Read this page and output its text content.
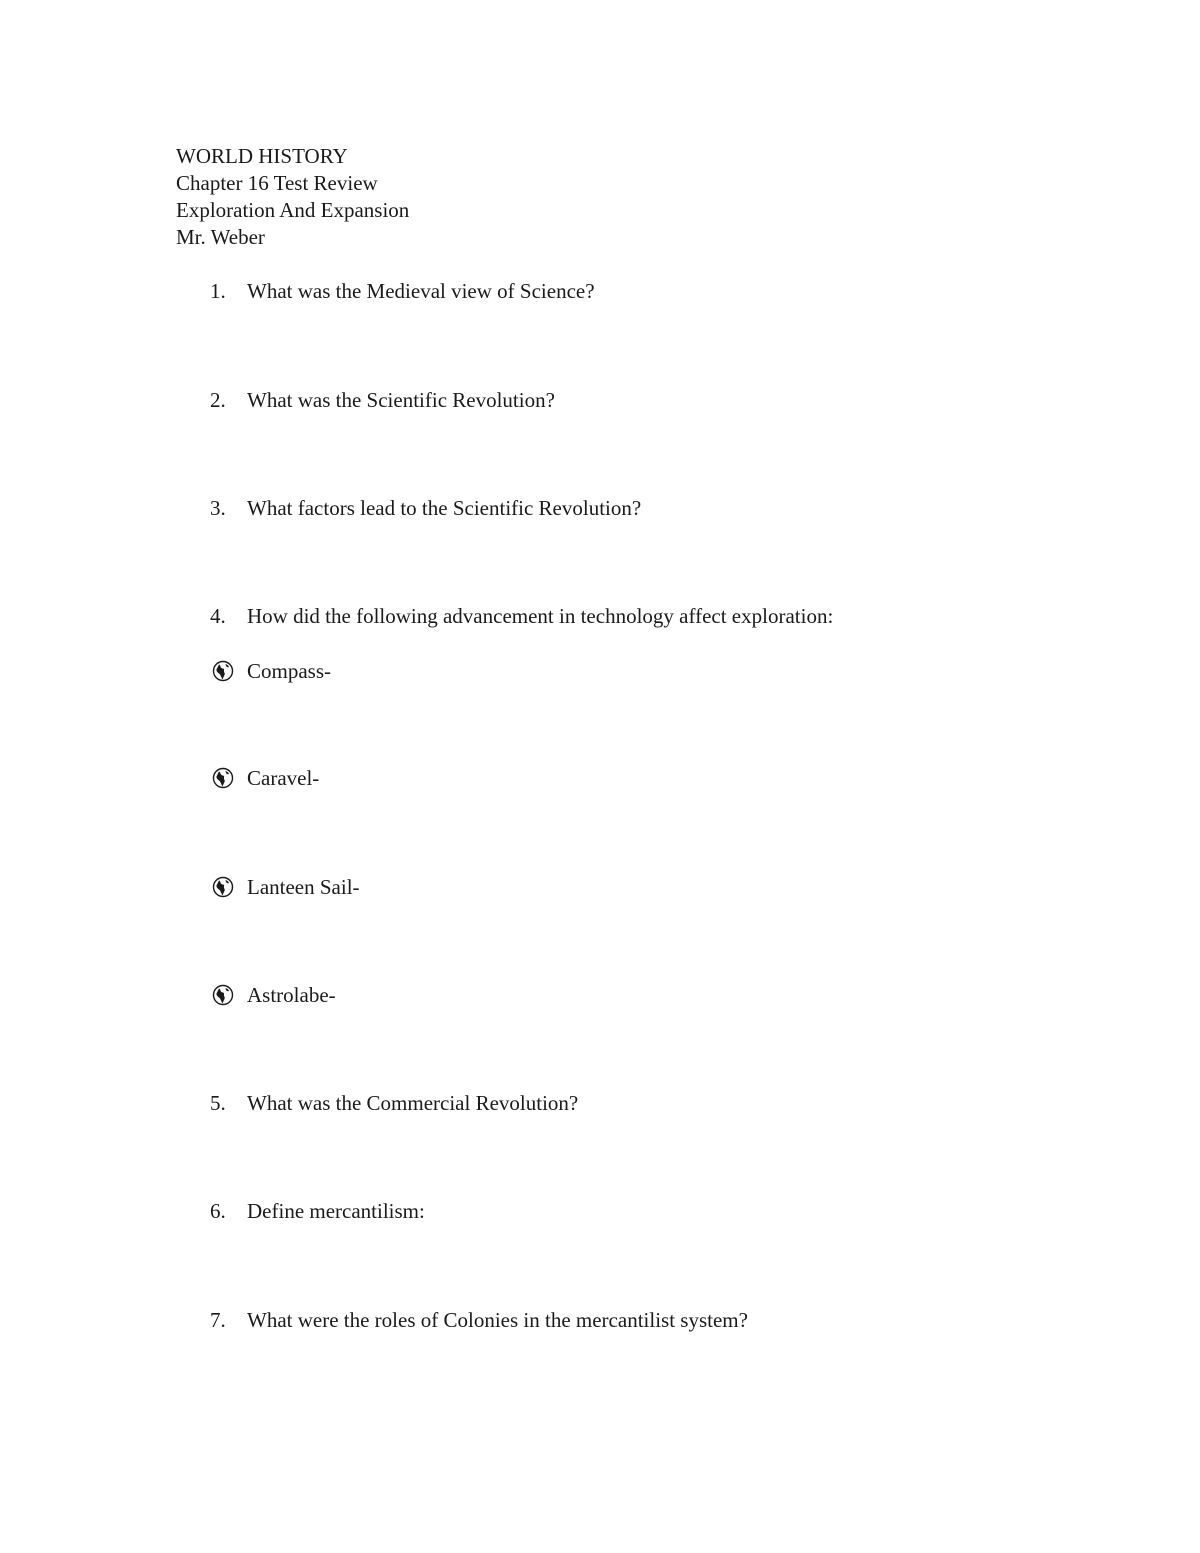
WORLD HISTORY
Chapter 16 Test Review
Exploration And Expansion
Mr. Weber
1.	What was the Medieval view of Science?
2.	What was the Scientific Revolution?
3.	What factors lead to the Scientific Revolution?
4.	How did the following advancement in technology affect exploration:
Compass-
Caravel-
Lanteen Sail-
Astrolabe-
5.	What was the Commercial Revolution?
6.	Define mercantilism:
7.	What were the roles of Colonies in the mercantilist system?
